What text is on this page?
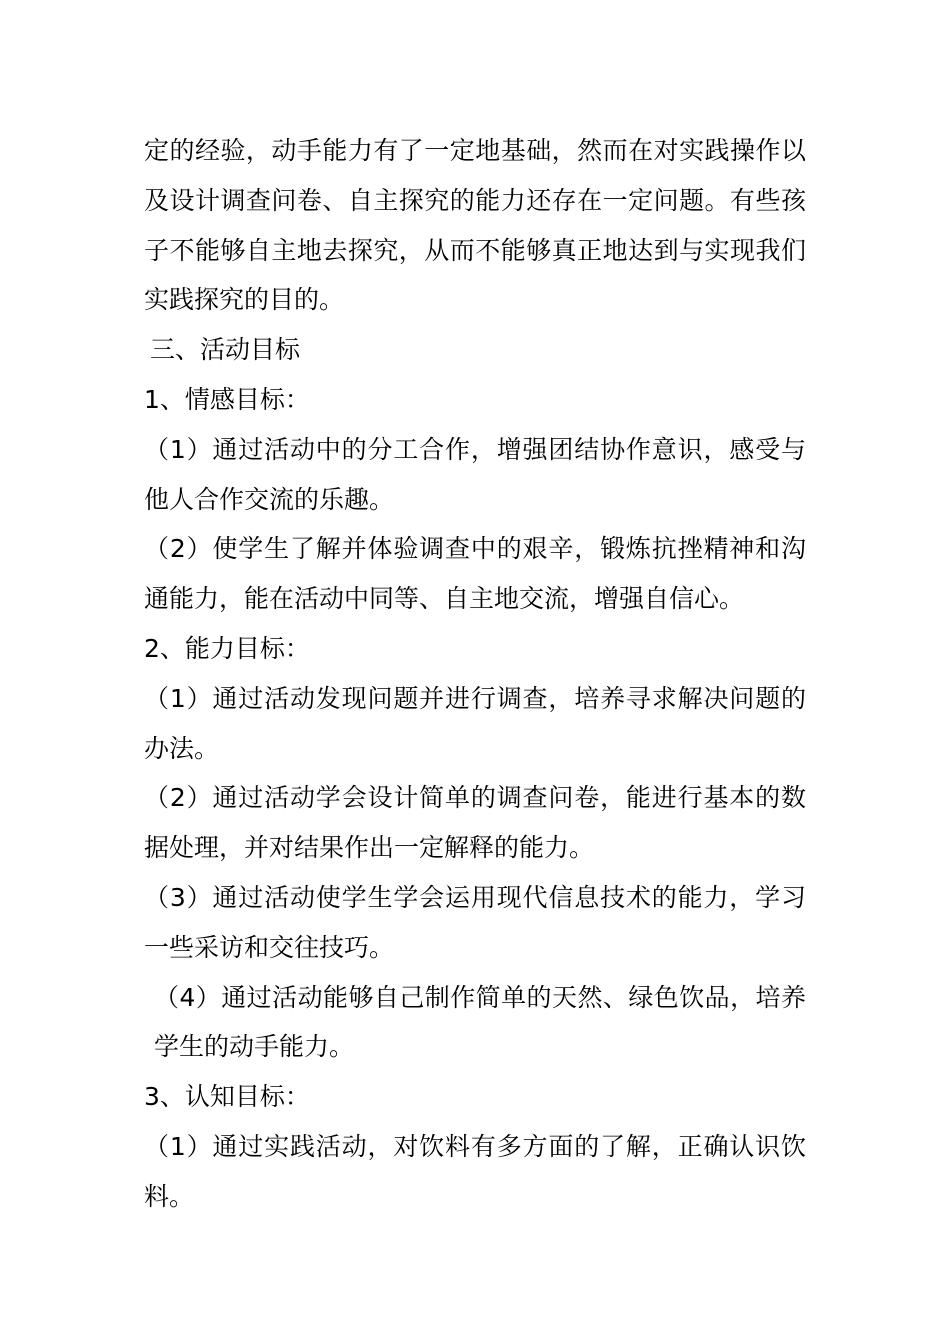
定的经验，动手能力有了一定地基础，然而在对实践操作以及设计调查问卷、自主探究的能力还存在一定问题。有些孩子不能够自主地去探究，从而不能够真正地达到与实现我们实践探究的目的。

三、活动目标

1、情感目标：

（1）通过活动中的分工合作，增强团结协作意识，感受与他人合作交流的乐趣。

（2）使学生了解并体验调查中的艰辛，锻炼抗挫精神和沟通能力，能在活动中同等、自主地交流，增强自信心。

2、能力目标：

（1）通过活动发现问题并进行调查，培养寻求解决问题的办法。

（2）通过活动学会设计简单的调查问卷，能进行基本的数据处理，并对结果作出一定解释的能力。

（3）通过活动使学生学会运用现代信息技术的能力，学习一些采访和交往技巧。

（4）通过活动能够自己制作简单的天然、绿色饮品，培养学生的动手能力。

3、认知目标：

（1）通过实践活动，对饮料有多方面的了解，正确认识饮料。
